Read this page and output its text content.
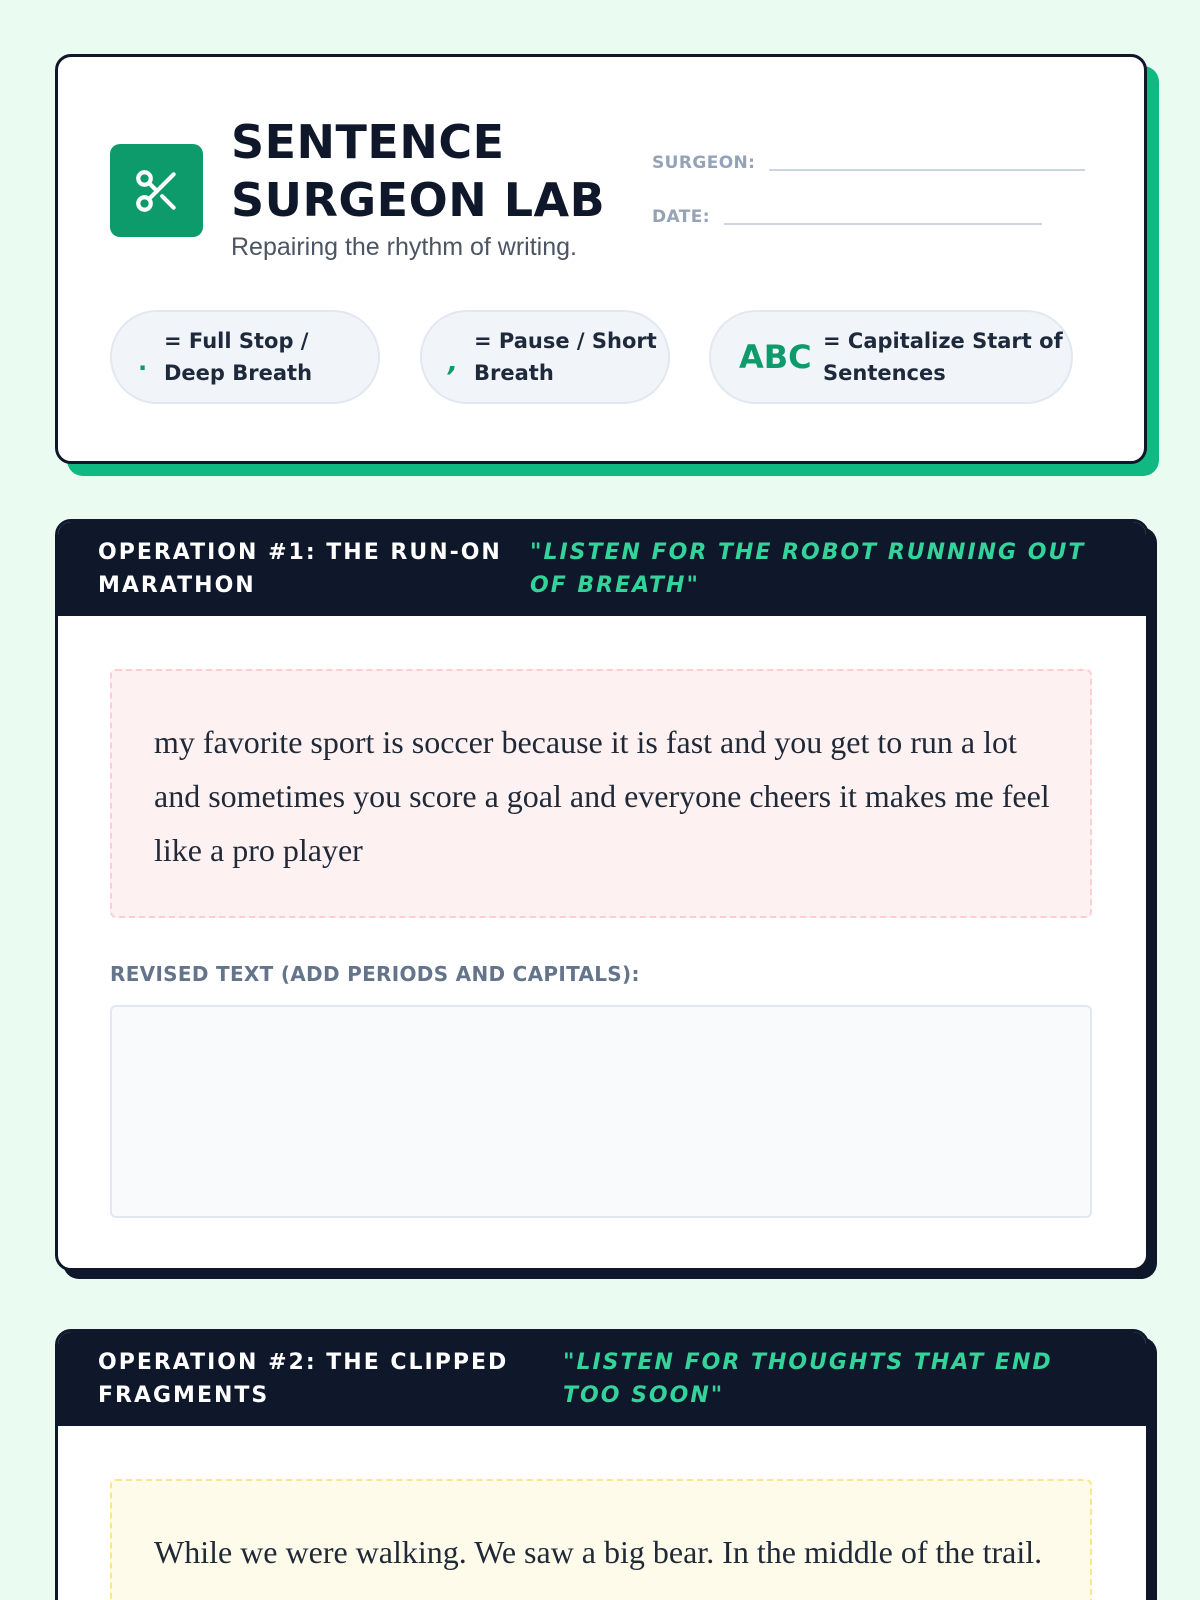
SENTENCE SURGEON LAB
Repairing the rhythm of writing.
SURGEON:
DATE:
.
= Full Stop /
Deep Breath	,
= Pause / Short
Breath	ABC = Capitalize Start of
Sentences
OPERATION #1: THE RUN-ON MARATHON
"LISTEN FOR THE ROBOT RUNNING OUT OF BREATH"
my favorite sport is soccer because it is fast and you get to run a lot and sometimes you score a goal and everyone cheers it makes me feel like a pro player
REVISED TEXT (ADD PERIODS AND CAPITALS):
OPERATION #2: THE CLIPPED FRAGMENTS
"LISTEN FOR THOUGHTS THAT END TOO SOON"
While we were walking. We saw a big bear. In the middle of the trail.
